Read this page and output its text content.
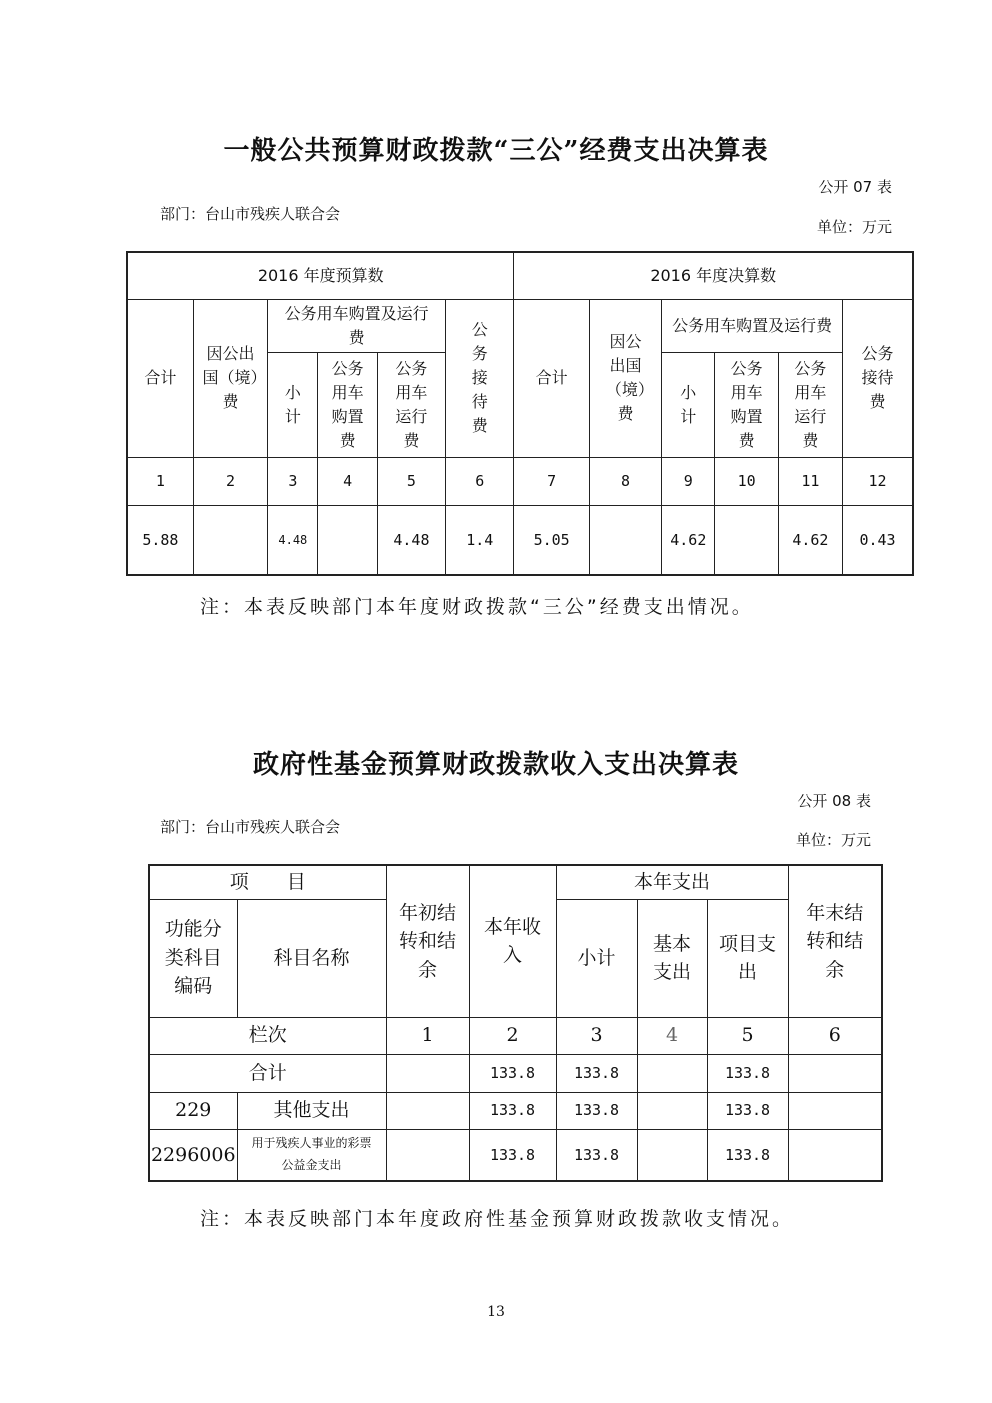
一般公共预算财政拨款“三公”经费支出决算表
公开 07 表
部门：台山市残疾人联合会
单位：万元
2016 年度预算数						2016 年度决算数					
合计	因公出国（境）费	公务用车购置及运行费			公务接待费	合计	因公出国（境）费	公务用车购置及运行费			公务接待费
		小计	公务用车购置费	公务用车运行费				小计	公务用车购置费	公务用车运行费	
1	2	3	4	5	6	7	8	9	10	11	12
5.88		4.48		4.48	1.4	5.05		4.62		4.62	0.43
注：本表反映部门本年度财政拨款“三公”经费支出情况。
政府性基金预算财政拨款收入支出决算表
公开 08 表
部门：台山市残疾人联合会
单位：万元
项　　目		年初结转和结余	本年收入	本年支出			年末结转和结余
功能分类科目编码	科目名称			小计	基本支出	项目支出	
栏次		1	2	3	4	5	6
合计			133.8	133.8		133.8	
229	其他支出		133.8	133.8		133.8	
2296006	用于残疾人事业的彩票公益金支出		133.8	133.8		133.8	
注：本表反映部门本年度政府性基金预算财政拨款收支情况。
13
